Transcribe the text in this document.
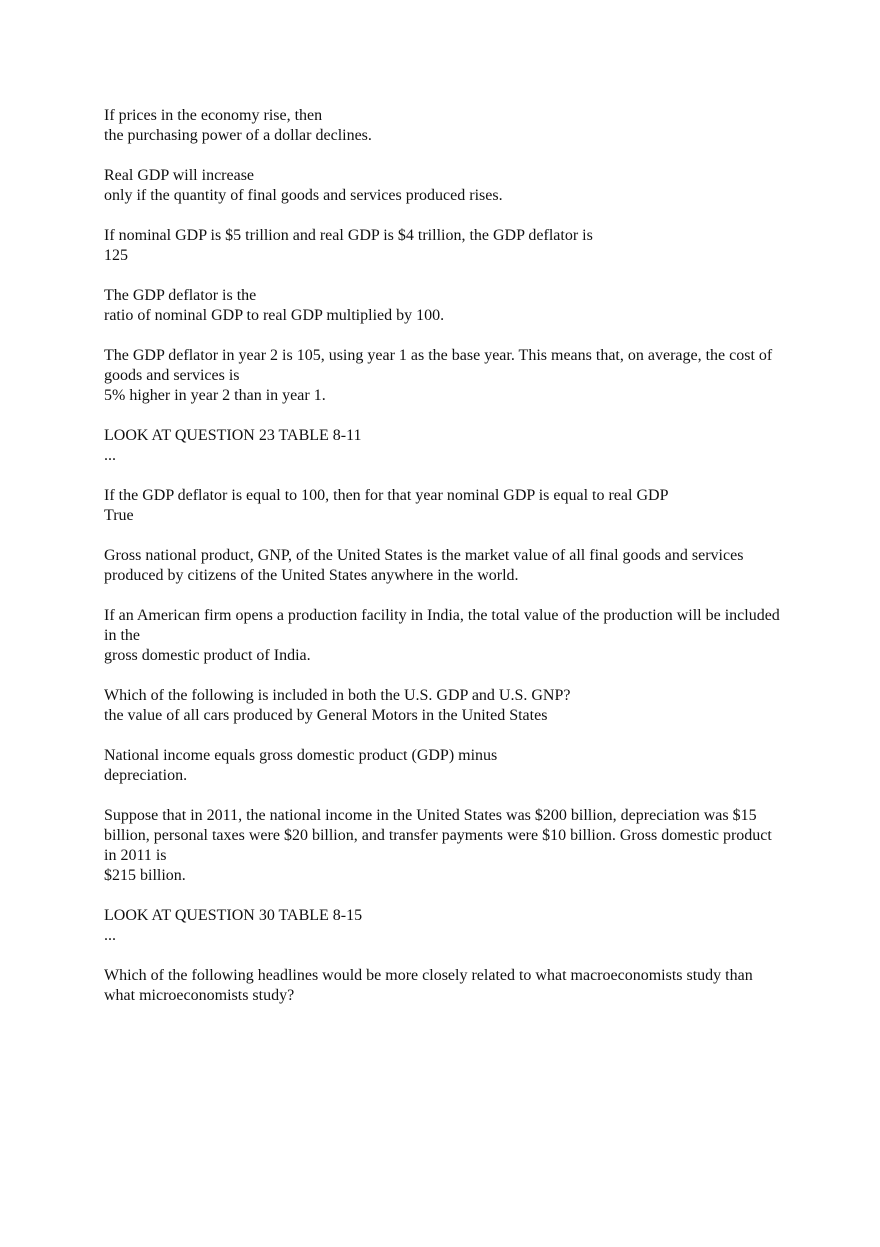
If prices in the economy rise, then

the purchasing power of a dollar declines.

Real GDP will increase

only if the quantity of final goods and services produced rises.

If nominal GDP is $5 trillion and real GDP is $4 trillion, the GDP deflator is

125

The GDP deflator is the

ratio of nominal GDP to real GDP multiplied by 100.

The GDP deflator in year 2 is 105, using year 1 as the base year. This means that, on average, the cost of goods and services is

5% higher in year 2 than in year 1.

LOOK AT QUESTION 23 TABLE 8-11

...

If the GDP deflator is equal to 100, then for that year nominal GDP is equal to real GDP

True

Gross national product, GNP, of the United States is the market value of all final goods and services

produced by citizens of the United States anywhere in the world.

If an American firm opens a production facility in India, the total value of the production will be included in the

gross domestic product of India.

Which of the following is included in both the U.S. GDP and U.S. GNP?

the value of all cars produced by General Motors in the United States

National income equals gross domestic product (GDP) minus

depreciation.

Suppose that in 2011, the national income in the United States was $200 billion, depreciation was $15 billion, personal taxes were $20 billion, and transfer payments were $10 billion. Gross domestic product in 2011 is

$215 billion.

LOOK AT QUESTION 30 TABLE 8-15

...

Which of the following headlines would be more closely related to what macroeconomists study than what microeconomists study?
